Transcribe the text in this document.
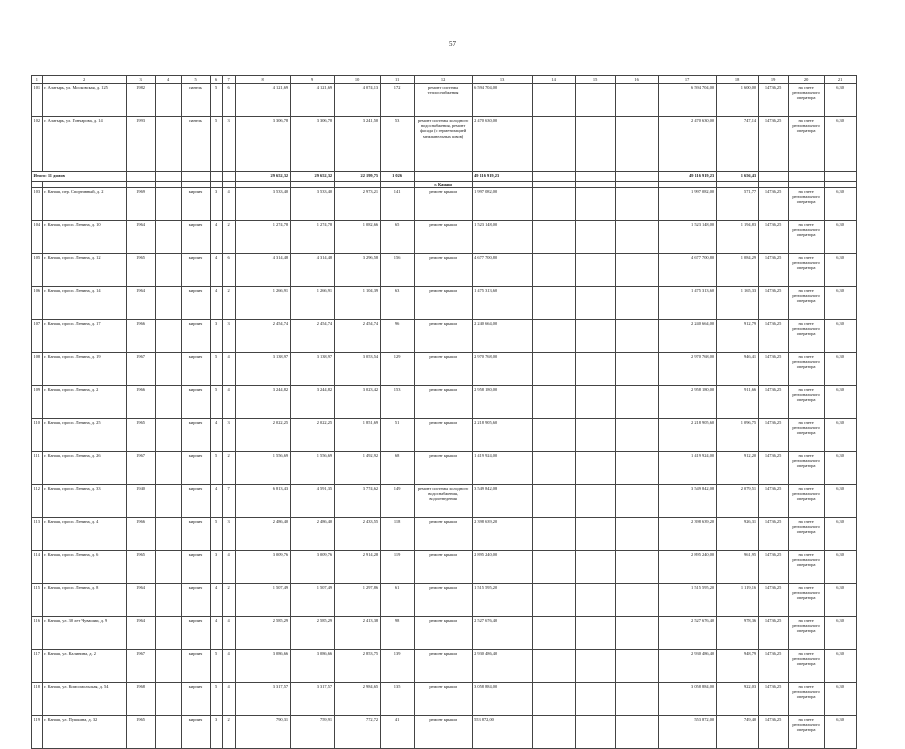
57
1	2	3	4	5	6	7	8	9	10	11	12	13	14	15	16	17	18	19	20	21
101	г. Алатырь, ул. Московская, д. 125	1982		панель	5	6	4 121,69	4 121,69	4 074,13	172	ремонт системы теплоснабжения	6 594 704,00				6 594 704,00	1 600,00	14736,25	на счете регионального оператора	6,30
102	г. Алатырь, ул. Гончарова, д. 14	1993		панель	5	3	3 306,78	3 306,78	3 241,50	53	ремонт системы холодного водоснабжения, ремонт фасада (с герметизацией межпанельных швов)	2 470 630,00				2 470 630,00	747,14	14736,25	на счете регионального оператора	6,30
Итого: 11 домов							29 652,32	29 652,32	22 199,75	1 026		49 116 919,23				49 116 919,23	1 656,43			
											г. Канаш									
103	г. Канаш, пер. Спортивный, д. 2	1969		кирпич	3	4	3 533,40	3 533,40	2 973,21	141	ремонт крыши	1 997 082,00				1 997 082,00	571,77	14736,25	на счете регионального оператора	6,30
104	г. Канаш, просп. Ленина, д. 10	1964		кирпич	4	2	1 274,78	1 274,78	1 082,66	65	ремонт крыши	1 523 148,00				1 523 148,00	1 194,83	14736,25	на счете регионального оператора	6,30
105	г. Канаш, просп. Ленина, д. 12	1965		кирпич	4	6	4 314,48	4 314,48	3 296,58	156	ремонт крыши	4 677 700,80				4 677 700,80	1 084,29	14736,25	на счете регионального оператора	6,30
106	г. Канаш, просп. Ленина, д. 14	1964		кирпич	4	2	1 266,91	1 266,91	1 104,39	63	ремонт крыши	1 475 313,60				1 475 313,60	1 165,33	14736,25	на счете регионального оператора	6,30
107	г. Канаш, просп. Ленина, д. 17	1966		кирпич	3	3	2 454,74	2 454,74	2 454,74	96	ремонт крыши	2 240 664,00				2 240 664,00	912,79	14736,25	на счете регионального оператора	6,30
108	г. Канаш, просп. Ленина, д. 19	1967		кирпич	5	4	3 138,97	3 138,97	3 053,54	129	ремонт крыши	2 970 768,00				2 970 768,00	946,41	14736,25	на счете регионального оператора	6,30
109	г. Канаш, просп. Ленина, д. 2	1966		кирпич	5	4	3 244,82	3 244,82	3 023,42	153	ремонт крыши	2 958 180,00				2 958 180,00	911,66	14736,25	на счете регионального оператора	6,30
110	г. Канаш, просп. Ленина, д. 25	1965		кирпич	4	3	2 022,25	2 022,25	1 851,69	51	ремонт крыши	2 218 905,60				2 218 905,60	1 096,75	14736,25	на счете регионального оператора	6,30
111	г. Канаш, просп. Ленина, д. 26	1967		кирпич	5	2	1 556,69	1 556,69	1 492,92	68	ремонт крыши	1 419 924,00				1 419 924,00	912,20	14736,25	на счете регионального оператора	6,30
112	г. Канаш, просп. Ленина, д. 33	1940		кирпич	4	7	6 813,43	4 591,35	3 774,62	149	ремонт системы холодного водоснабжения, водоотведения	3 549 842,08				3 549 842,08	2 079,51	14736,25	на счете регионального оператора	6,30
113	г. Канаш, просп. Ленина, д. 4	1966		кирпич	5	3	2 486,40	2 486,40	2 433,55	118	ремонт крыши	2 398 639,20				2 398 639,20	926,31	14736,25	на счете регионального оператора	6,30
114	г. Канаш, просп. Ленина, д. 6	1965		кирпич	3	4	3 009,76	3 009,76	2 914,28	119	ремонт крыши	2 895 240,00				2 895 240,00	961,95	14736,25	на счете регионального оператора	6,30
115	г. Канаш, просп. Ленина, д. 8	1964		кирпич	4	2	1 507,49	1 507,49	1 297,86	61	ремонт крыши	1 515 595,20				1 515 595,20	1 119,16	14736,25	на счете регионального оператора	6,30
116	г. Канаш, ул. 30 лет Чувашии, д. 9	1964		кирпич	4	4	2 585,29	2 585,29	2 413,38	98	ремонт крыши	2 527 676,40				2 527 676,40	978,36	14736,25	на счете регионального оператора	6,30
117	г. Канаш, ул. Калинина, д. 2	1967		кирпич	5	4	3 086,66	3 086,66	2 853,75	139	ремонт крыши	2 930 486,40				2 930 486,40	948,79	14736,25	на счете регионального оператора	6,30
118	г. Канаш, ул. Комсомольская, д. 54	1968		кирпич	5	4	3 317,57	3 317,57	2 984,65	135	ремонт крыши	3 058 884,00				3 058 884,00	922,03	14736,25	на счете регионального оператора	6,30
119	г. Канаш, ул. Пушкина, д. 32	1965		кирпич	3	2	790,31	759,91	772,72	41	ремонт крыши	553 872,00				553 872,00	749,40	14736,25	на счете регионального оператора	6,30
